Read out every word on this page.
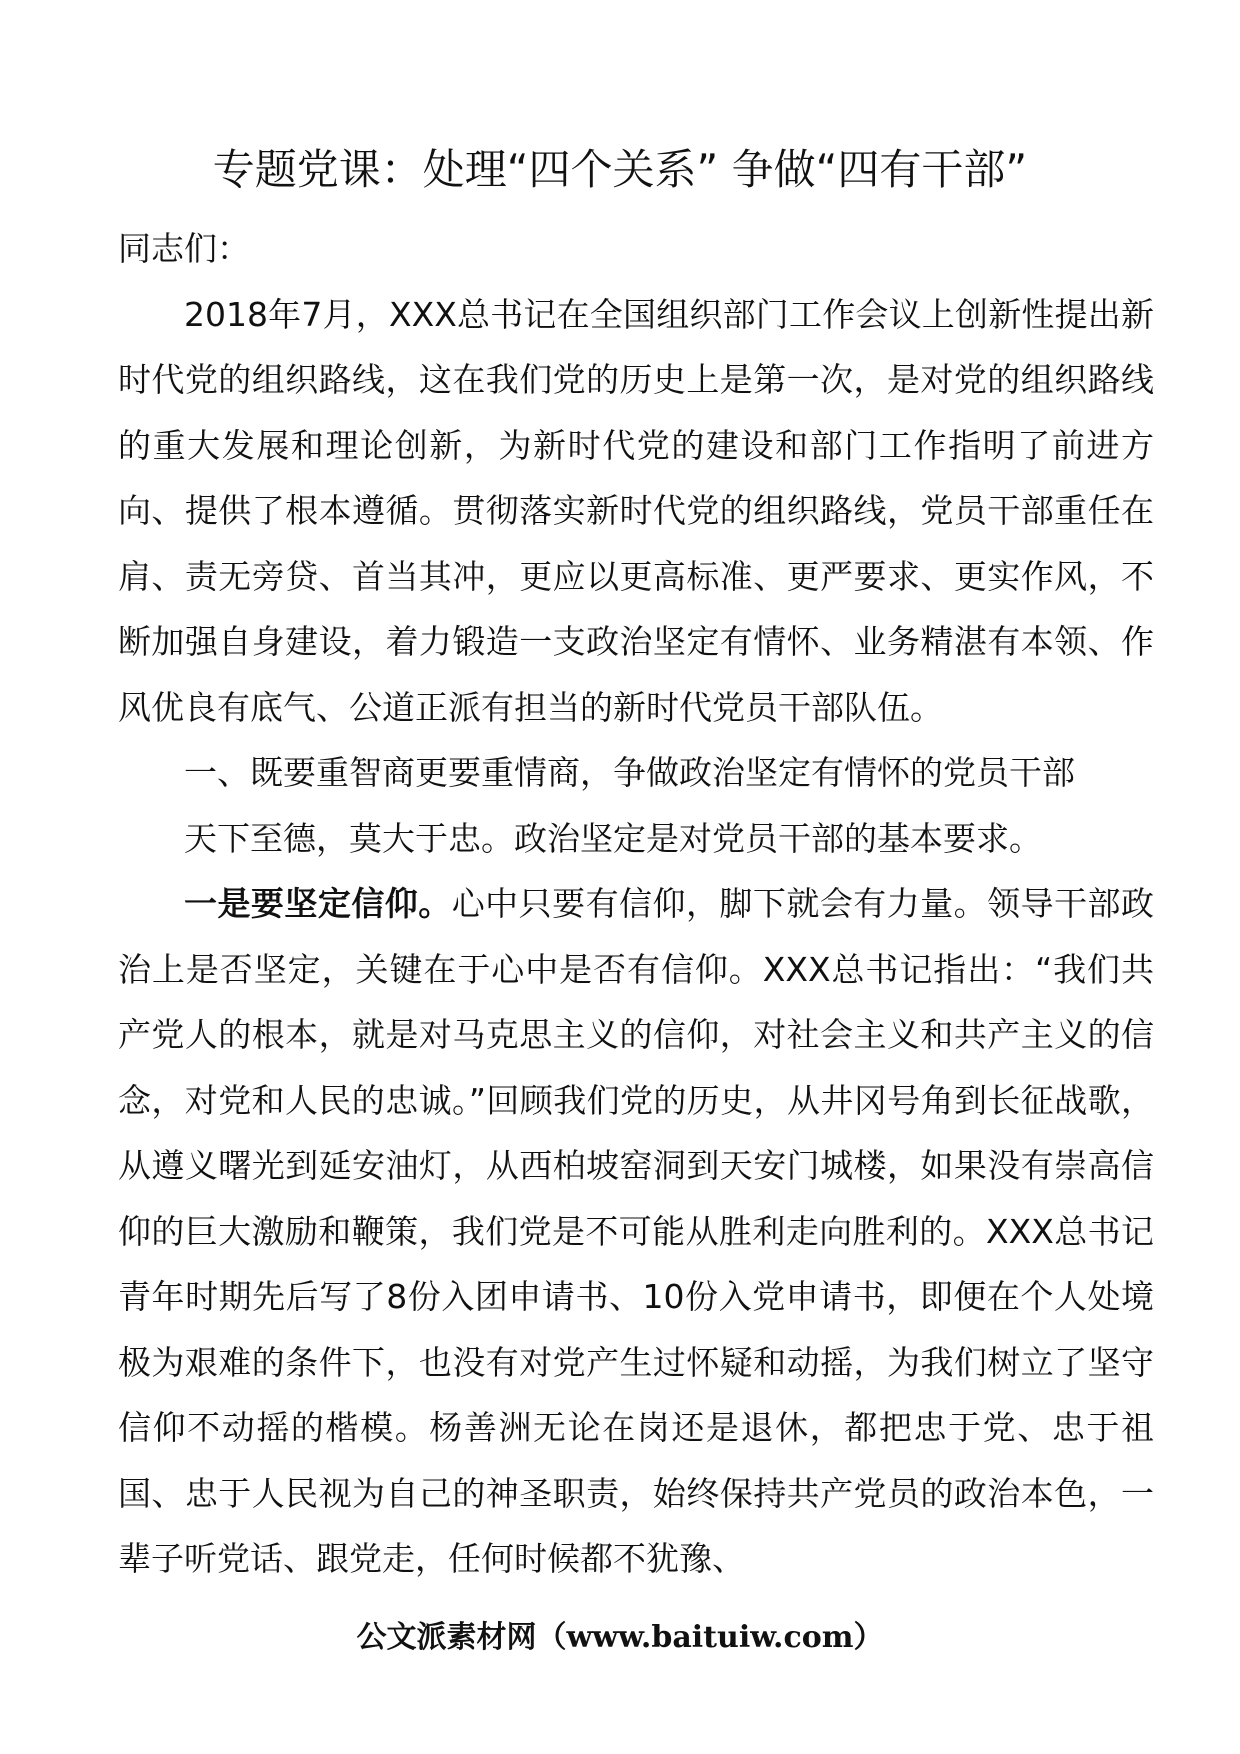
专题党课：处理“四个关系” 争做“四有干部”

同志们：

2018年7月，XXX总书记在全国组织部门工作会议上创新性提出新时代党的组织路线，这在我们党的历史上是第一次，是对党的组织路线的重大发展和理论创新，为新时代党的建设和部门工作指明了前进方向、提供了根本遵循。贯彻落实新时代党的组织路线，党员干部重任在肩、责无旁贷、首当其冲，更应以更高标准、更严要求、更实作风，不断加强自身建设，着力锻造一支政治坚定有情怀、业务精湛有本领、作风优良有底气、公道正派有担当的新时代党员干部队伍。

一、既要重智商更要重情商，争做政治坚定有情怀的党员干部

天下至德，莫大于忠。政治坚定是对党员干部的基本要求。

一是要坚定信仰。心中只要有信仰，脚下就会有力量。领导干部政治上是否坚定，关键在于心中是否有信仰。XXX总书记指出：“我们共产党人的根本，就是对马克思主义的信仰，对社会主义和共产主义的信念，对党和人民的忠诚。”回顾我们党的历史，从井冈号角到长征战歌，从遵义曙光到延安油灯，从西柏坡窑洞到天安门城楼，如果没有崇高信仰的巨大激励和鞭策，我们党是不可能从胜利走向胜利的。XXX总书记青年时期先后写了8份入团申请书、10份入党申请书，即便在个人处境极为艰难的条件下，也没有对党产生过怀疑和动摇，为我们树立了坚守信仰不动摇的楷模。杨善洲无论在岗还是退休，都把忠于党、忠于祖国、忠于人民视为自己的神圣职责，始终保持共产党员的政治本色，一辈子听党话、跟党走，任何时候都不犹豫、

公文派素材网（www.baituiw.com）
